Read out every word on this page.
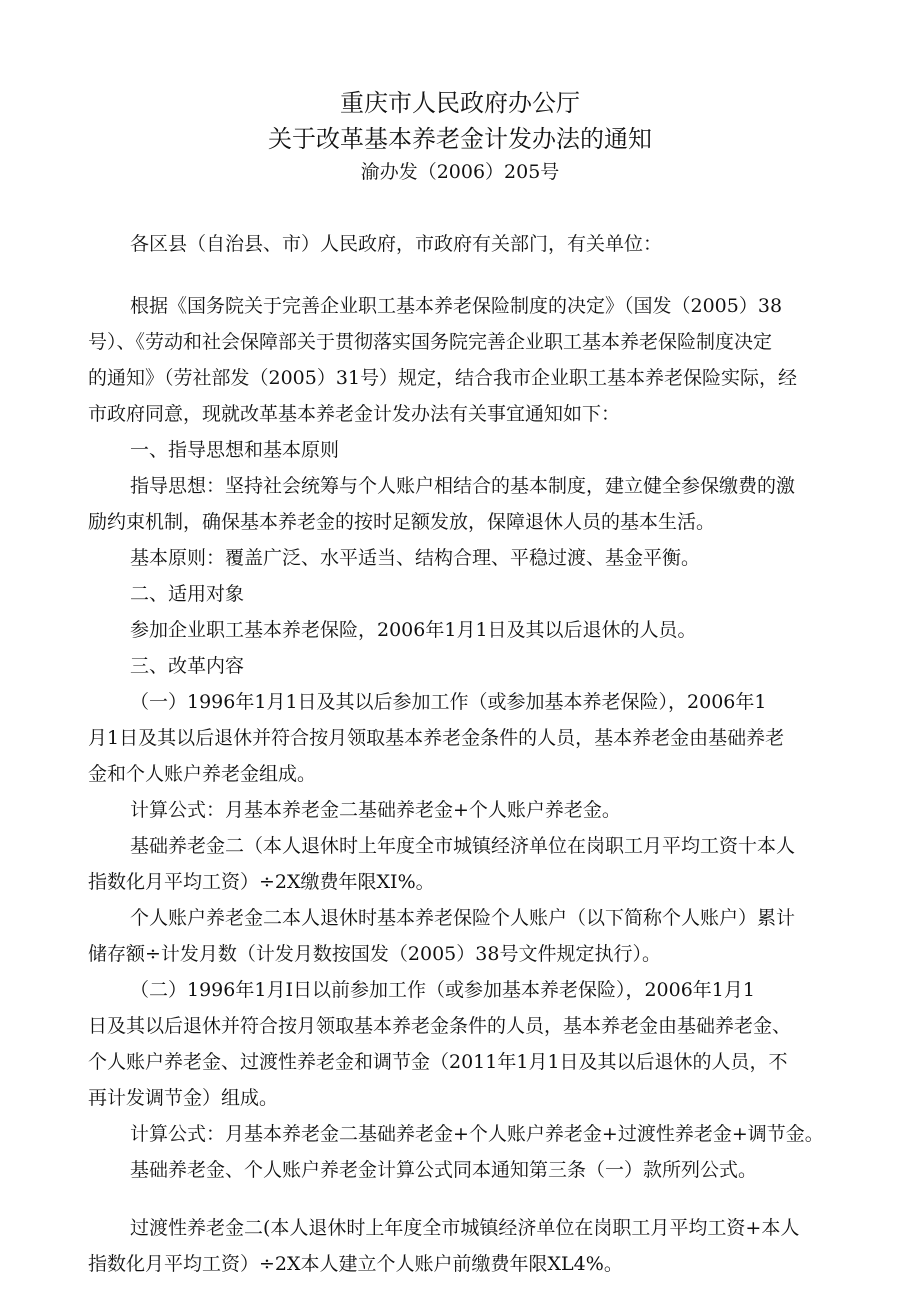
重庆市人民政府办公厅
关于改革基本养老金计发办法的通知
渝办发（2006）205号
各区县（自治县、市）人民政府，市政府有关部门，有关单位：
根据《国务院关于完善企业职工基本养老保险制度的决定》（国发（2005）38
号）、《劳动和社会保障部关于贯彻落实国务院完善企业职工基本养老保险制度决定
的通知》（劳社部发（2005）31号）规定，结合我市企业职工基本养老保险实际，经
市政府同意，现就改革基本养老金计发办法有关事宜通知如下：
一、指导思想和基本原则
指导思想：坚持社会统筹与个人账户相结合的基本制度，建立健全参保缴费的激
励约束机制，确保基本养老金的按时足额发放，保障退休人员的基本生活。
基本原则：覆盖广泛、水平适当、结构合理、平稳过渡、基金平衡。
二、适用对象
参加企业职工基本养老保险，2006年1月1日及其以后退休的人员。
三、改革内容
（一）1996年1月1日及其以后参加工作（或参加基本养老保险），2006年1
月1日及其以后退休并符合按月领取基本养老金条件的人员，基本养老金由基础养老
金和个人账户养老金组成。
计算公式：月基本养老金二基础养老金+个人账户养老金。
基础养老金二（本人退休时上年度全市城镇经济单位在岗职工月平均工资十本人
指数化月平均工资）÷2X缴费年限XI%。
个人账户养老金二本人退休时基本养老保险个人账户（以下简称个人账户）累计
储存额÷计发月数（计发月数按国发（2005）38号文件规定执行）。
（二）1996年1月I日以前参加工作（或参加基本养老保险），2006年1月1
日及其以后退休并符合按月领取基本养老金条件的人员，基本养老金由基础养老金、
个人账户养老金、过渡性养老金和调节金（2011年1月1日及其以后退休的人员，不
再计发调节金）组成。
计算公式：月基本养老金二基础养老金+个人账户养老金+过渡性养老金+调节金。
基础养老金、个人账户养老金计算公式同本通知第三条（一）款所列公式。
过渡性养老金二(本人退休时上年度全市城镇经济单位在岗职工月平均工资+本人
指数化月平均工资）÷2X本人建立个人账户前缴费年限XL4%。
